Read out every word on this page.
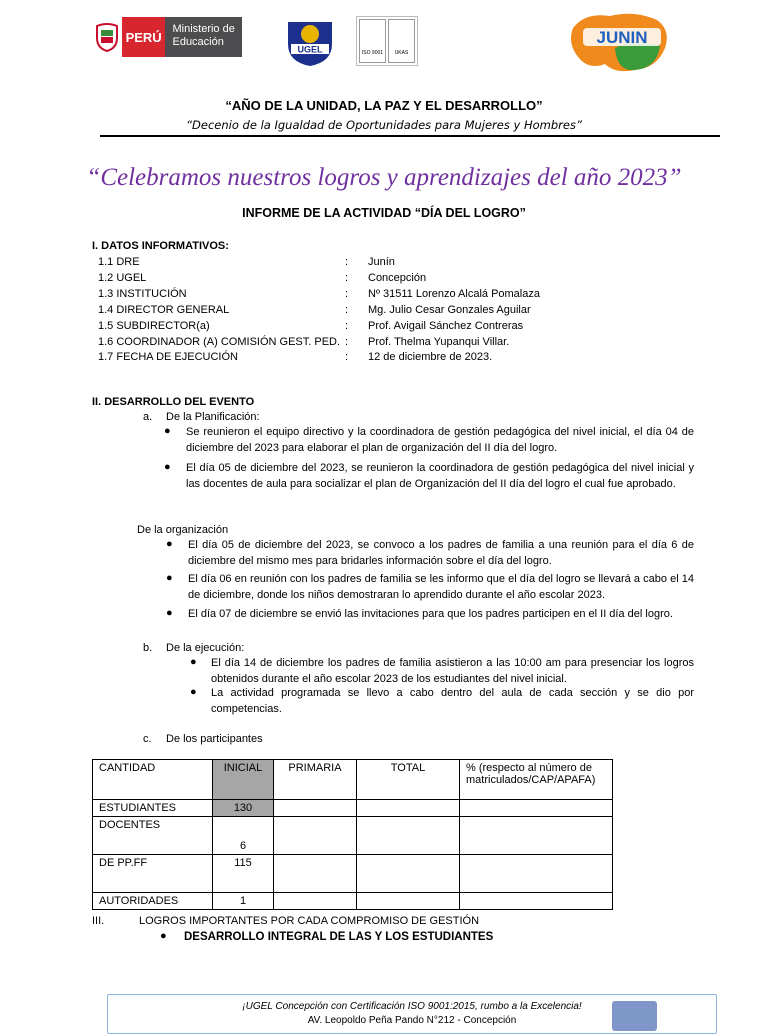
PERÚ
Ministerio de Educación
UGEL	ISO 9001	UKAS
JUNIN
“AÑO DE LA UNIDAD, LA PAZ Y EL DESARROLLO”
“Decenio de la Igualdad de Oportunidades para Mujeres y Hombres”
“Celebramos nuestros logros y aprendizajes del año 2023”
INFORME DE LA ACTIVIDAD “DÍA DEL LOGRO”
I. DATOS INFORMATIVOS:
1.1 DRE	: Junín
1.2 UGEL	: Concepción
1.3 INSTITUCIÓN	: Nº 31511 Lorenzo Alcalá Pomalaza
1.4 DIRECTOR GENERAL	: Mg. Julio Cesar Gonzales Aguilar
1.5 SUBDIRECTOR(a)	: Prof. Avigail Sánchez Contreras
1.6 COORDINADOR (A) COMISIÓN GEST. PED. : Prof. Thelma Yupanqui Villar.
1.7 FECHA DE EJECUCIÓN	: 12 de diciembre de 2023.
II. DESARROLLO DEL EVENTO
a. De la Planificación:
● Se reunieron el equipo directivo y la coordinadora de gestión pedagógica del nivel inicial, el día 04 de diciembre del 2023 para elaborar el plan de organización del II día del logro.
● El día 05 de diciembre del 2023, se reunieron la coordinadora de gestión pedagógica del nivel inicial y las docentes de aula para socializar el plan de Organización del II día del logro el cual fue aprobado.
De la organización
● El día 05 de diciembre del 2023, se convoco a los padres de familia a una reunión para el día 6 de diciembre del mismo mes para bridarles información sobre el día del logro.
● El día 06 en reunión con los padres de familia se les informo que el día del logro se llevará a cabo el 14 de diciembre, donde los niños demostraran lo aprendido durante el año escolar 2023.
● El día 07 de diciembre se envió las invitaciones para que los padres participen en el II día del logro.
b. De la ejecución:
● El día 14 de diciembre los padres de familia asistieron a las 10:00 am para presenciar los logros obtenidos durante el año escolar 2023 de los estudiantes del nivel inicial.
● La actividad programada se llevo a cabo dentro del aula de cada sección y se dio por competencias.
c. De los participantes
CANTIDAD	INICIAL	PRIMARIA	TOTAL	% (respecto al número de matriculados/CAP/APAFA)
ESTUDIANTES	130			
DOCENTES	6			
DE PP.FF	115			
AUTORIDADES	1			
III.	LOGROS IMPORTANTES POR CADA COMPROMISO DE GESTIÓN
● DESARROLLO INTEGRAL DE LAS Y LOS ESTUDIANTES
¡UGEL Concepción con Certificación ISO 9001:2015, rumbo a la Excelencia!
AV. Leopoldo Peña Pando N°212 - Concepción
